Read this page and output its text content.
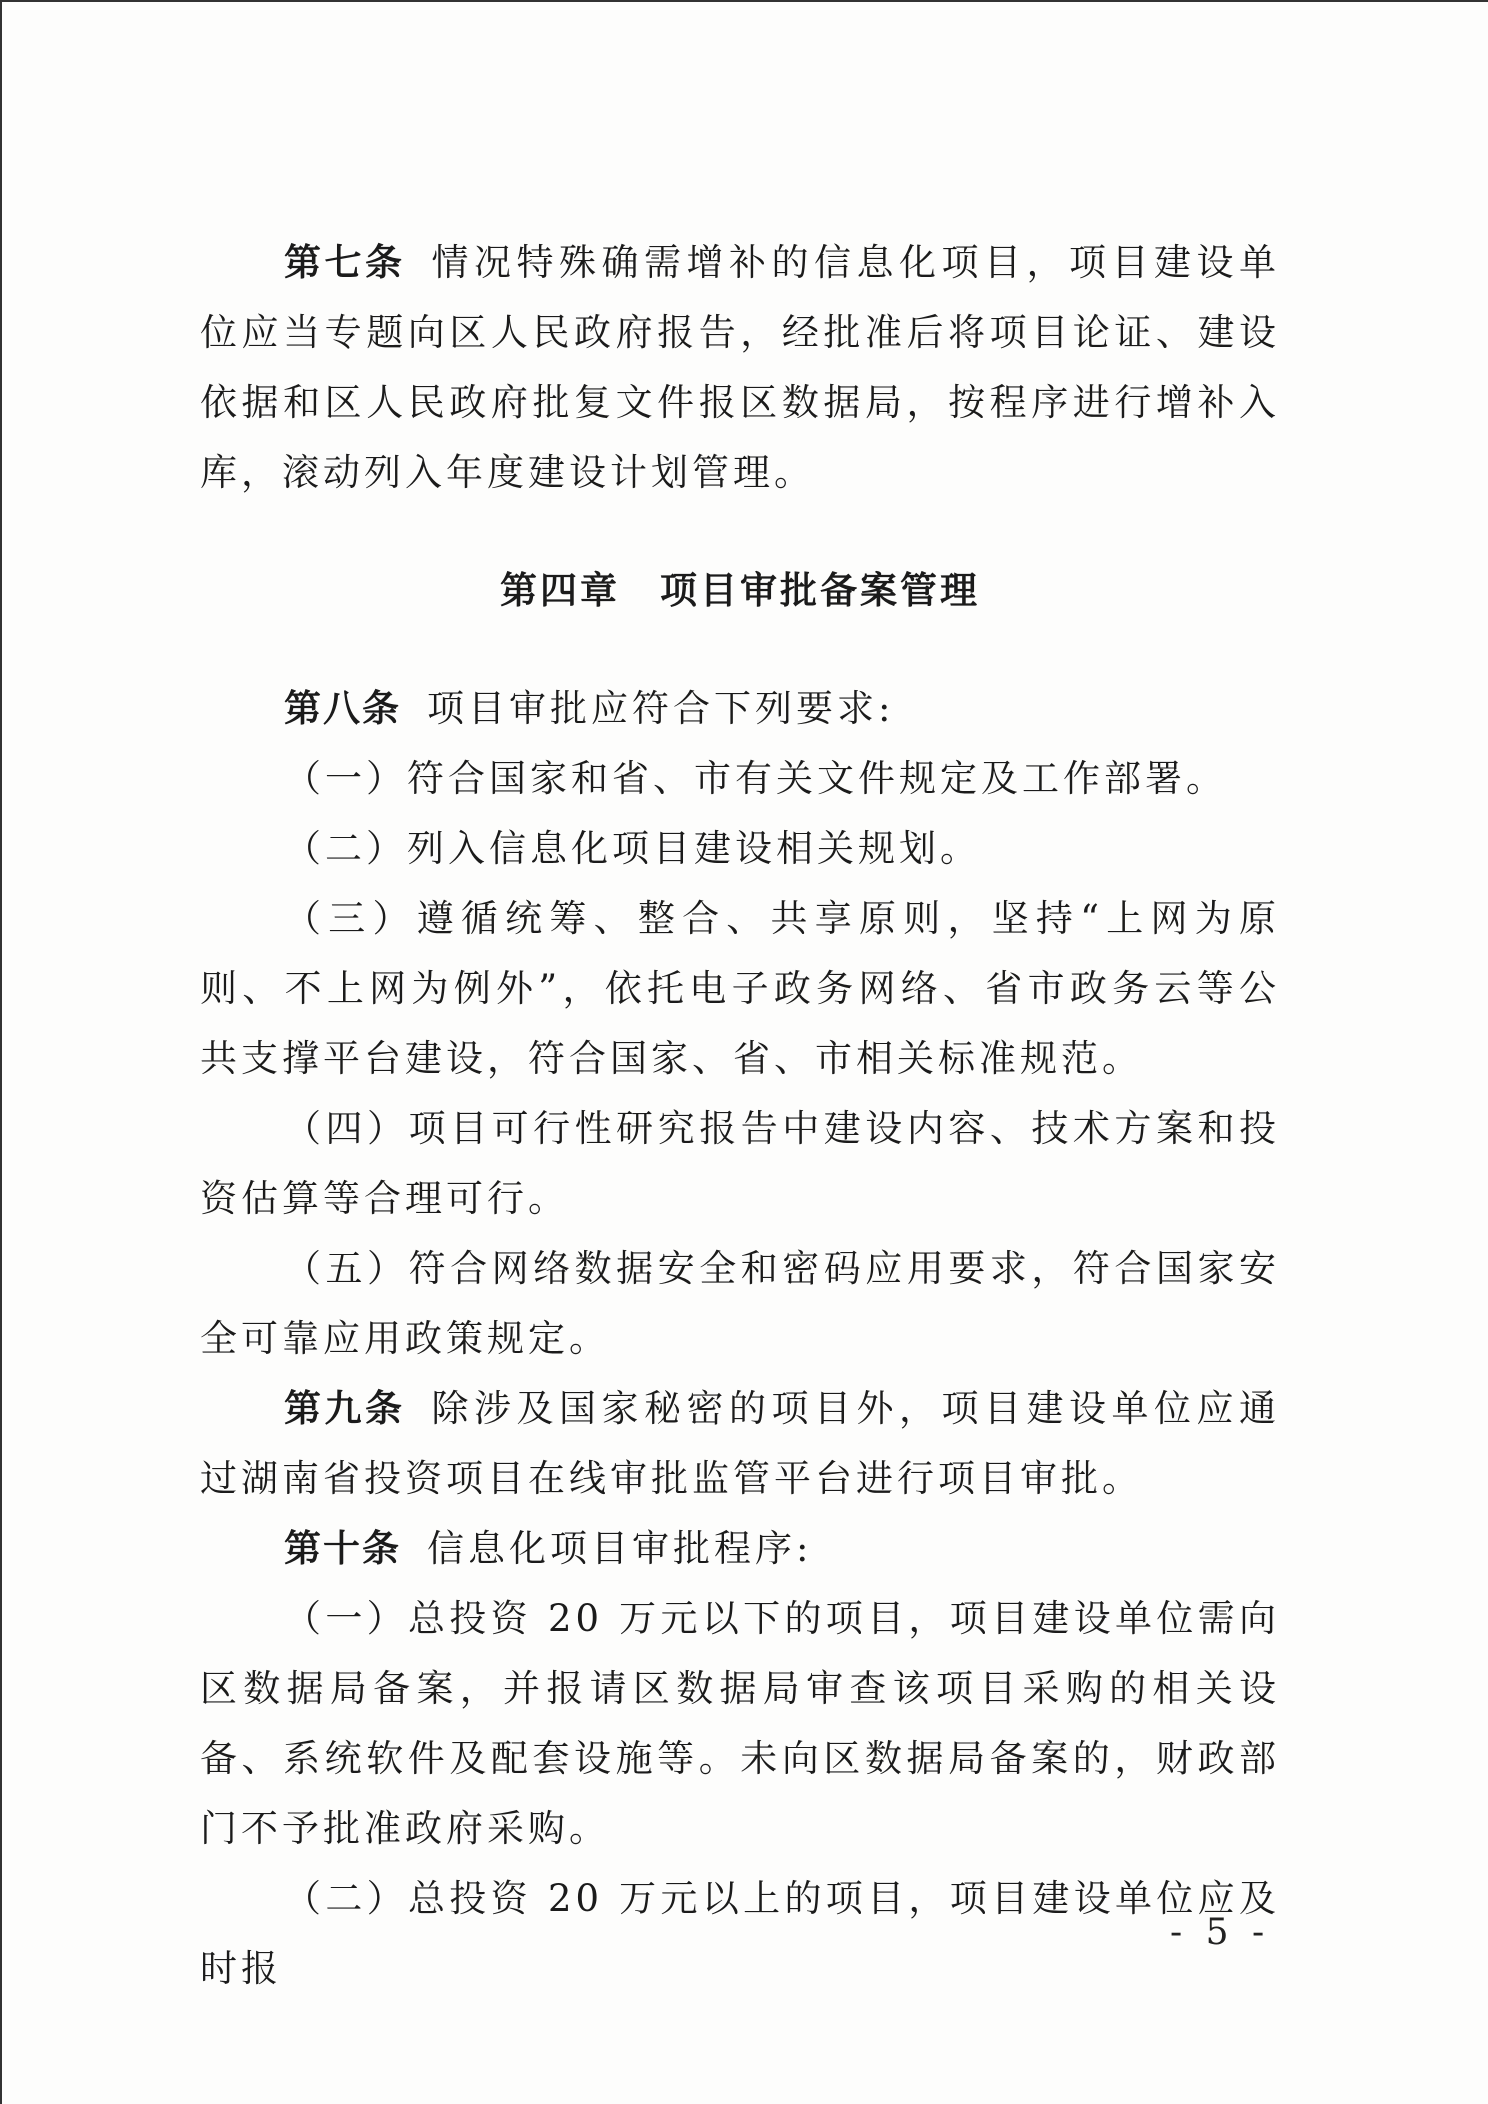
第七条 情况特殊确需增补的信息化项目，项目建设单位应当专题向区人民政府报告，经批准后将项目论证、建设依据和区人民政府批复文件报区数据局，按程序进行增补入库，滚动列入年度建设计划管理。

第四章 项目审批备案管理

第八条 项目审批应符合下列要求:

（一）符合国家和省、市有关文件规定及工作部署。

（二）列入信息化项目建设相关规划。

（三）遵循统筹、整合、共享原则，坚持“上网为原则、不上网为例外”，依托电子政务网络、省市政务云等公共支撑平台建设，符合国家、省、市相关标准规范。

（四）项目可行性研究报告中建设内容、技术方案和投资估算等合理可行。

（五）符合网络数据安全和密码应用要求，符合国家安全可靠应用政策规定。

第九条 除涉及国家秘密的项目外，项目建设单位应通过湖南省投资项目在线审批监管平台进行项目审批。

第十条 信息化项目审批程序:

（一）总投资 20 万元以下的项目，项目建设单位需向区数据局备案，并报请区数据局审查该项目采购的相关设备、系统软件及配套设施等。未向区数据局备案的，财政部门不予批准政府采购。

（二）总投资 20 万元以上的项目，项目建设单位应及时报

- 5 -
